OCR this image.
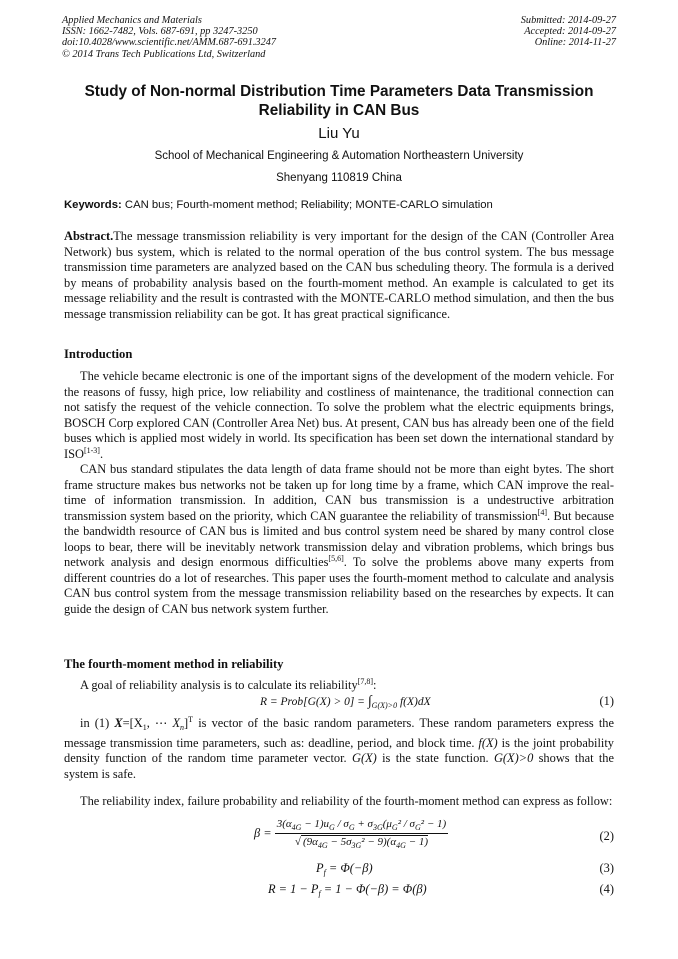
Applied Mechanics and Materials
ISSN: 1662-7482, Vols. 687-691, pp 3247-3250
doi:10.4028/www.scientific.net/AMM.687-691.3247
© 2014 Trans Tech Publications Ltd, Switzerland
Submitted: 2014-09-27
Accepted: 2014-09-27
Online: 2014-11-27
Study of Non-normal Distribution Time Parameters Data Transmission
Reliability in CAN Bus
Liu Yu
School of Mechanical Engineering & Automation Northeastern University
Shenyang 110819 China
Keywords: CAN bus; Fourth-moment method; Reliability; MONTE-CARLO simulation

Abstract.The message transmission reliability is very important for the design of the CAN (Controller Area Network) bus system, which is related to the normal operation of the bus control system. The bus message transmission time parameters are analyzed based on the CAN bus scheduling theory. The formula is a derived by means of probability analysis based on the fourth-moment method. An example is calculated to get its message reliability and the result is contrasted with the MONTE-CARLO method simulation, and then the bus message transmission reliability can be got. It has great practical significance.

Introduction

The vehicle became electronic is one of the important signs of the development of the modern vehicle. For the reasons of fussy, high price, low reliability and costliness of maintenance, the traditional connection can not satisfy the request of the vehicle connection. To solve the problem what the electric equipments brings, BOSCH Corp explored CAN (Controller Area Net) bus. At present, CAN bus has already been one of the field buses which is applied most widely in world. Its specification has been set down the international standard by ISO[1-3].

CAN bus standard stipulates the data length of data frame should not be more than eight bytes. The short frame structure makes bus networks not be taken up for long time by a frame, which CAN improve the real-time of information transmission. In addition, CAN bus transmission is a undestructive arbitration transmission system based on the priority, which CAN guarantee the reliability of transmission[4]. But because the bandwidth resource of CAN bus is limited and bus control system need be shared by many control close loops to bear, there will be inevitably network transmission delay and vibration problems, which brings bus network analysis and design enormous difficulties[5,6]. To solve the problems above many experts from different countries do a lot of researches. This paper uses the fourth-moment method to calculate and analysis CAN bus control system from the message transmission reliability based on the researches by expects. It can guide the design of CAN bus network system further.

The fourth-moment method in reliability

A goal of reliability analysis is to calculate its reliability[7,8]:

R = Prob[G(X) > $0] = \int_{G(X)>0}$ f(X)dX	(1)

in (1) $X=[X_1$, ⋯ $X_n]^T$ is vector of the basic random parameters. These random parameters express the message transmission time parameters, such as: deadline, period, and block time. f(X) is the joint probability density function of the random time parameter vector. G(X) is the state function. G(X)>0 shows that the system is safe.

The reliability index, failure probability and reliability of the fourth-moment method can express as follow:

$\beta = \frac{3(\alpha_{4G} - 1)u_G / \sigma_G + \sigma_{3G}(\mu_G^2 / \sigma_G^2 - 1)}{√ (9\alpha_{4G} - 5\sigma_{3G}^2 - 9)(\alpha_{4G} - 1)}$	(2)
$P_f = \Phi(-\beta)$	(3)
$R = 1 - P_f = 1 - \Phi(-\beta) = \Phi(\beta)$	(4)
